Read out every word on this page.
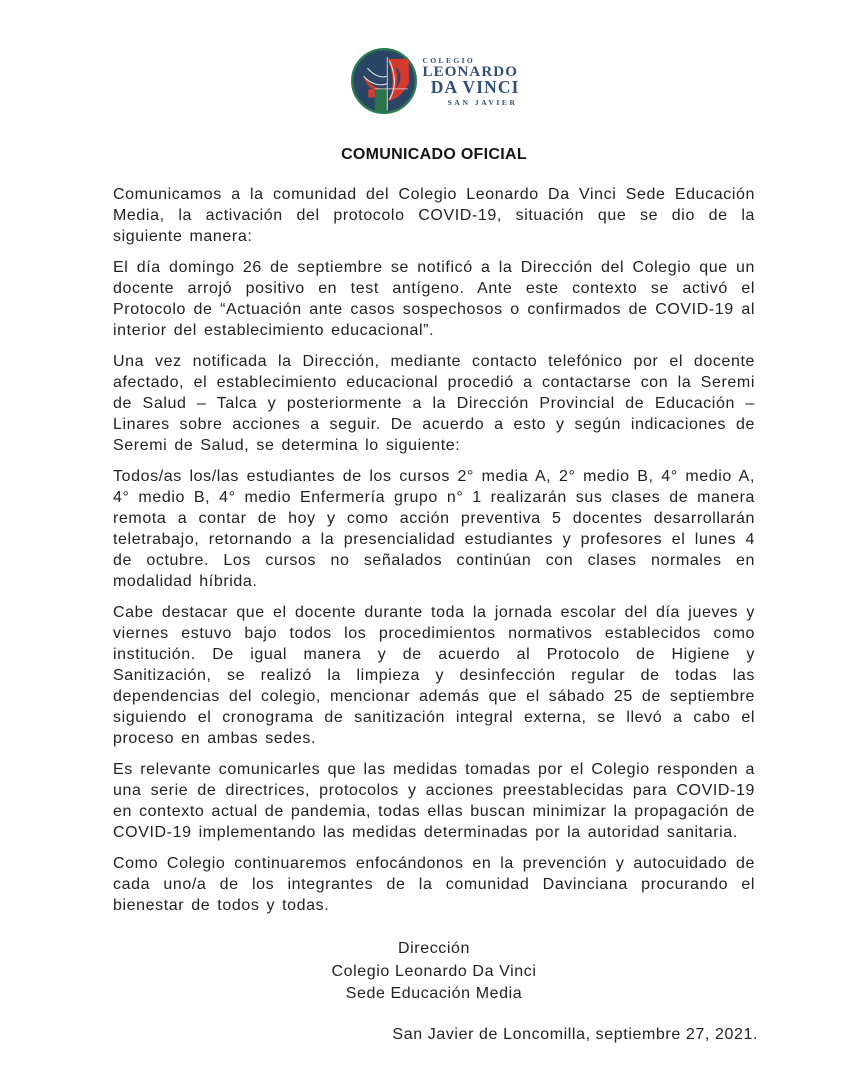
COLEGIO
LEONARDO
DA VINCI
SAN JAVIER
COMUNICADO OFICIAL

Comunicamos a la comunidad del Colegio Leonardo Da Vinci Sede Educación Media, la activación del protocolo COVID-19, situación que se dio de la siguiente manera:

El día domingo 26 de septiembre se notificó a la Dirección del Colegio que un docente arrojó positivo en test antígeno. Ante este contexto se activó el Protocolo de “Actuación ante casos sospechosos o confirmados de COVID-19 al interior del establecimiento educacional”.

Una vez notificada la Dirección, mediante contacto telefónico por el docente afectado, el establecimiento educacional procedió a contactarse con la Seremi de Salud – Talca y posteriormente a la Dirección Provincial de Educación – Linares sobre acciones a seguir. De acuerdo a esto y según indicaciones de Seremi de Salud, se determina lo siguiente:

Todos/as los/las estudiantes de los cursos 2° media A, 2° medio B, 4° medio A, 4° medio B, 4° medio Enfermería grupo n° 1 realizarán sus clases de manera remota a contar de hoy y como acción preventiva 5 docentes desarrollarán teletrabajo, retornando a la presencialidad estudiantes y profesores el lunes 4 de octubre. Los cursos no señalados continúan con clases normales en modalidad híbrida.

Cabe destacar que el docente durante toda la jornada escolar del día jueves y viernes estuvo bajo todos los procedimientos normativos establecidos como institución. De igual manera y de acuerdo al Protocolo de Higiene y Sanitización, se realizó la limpieza y desinfección regular de todas las dependencias del colegio, mencionar además que el sábado 25 de septiembre siguiendo el cronograma de sanitización integral externa, se llevó a cabo el proceso en ambas sedes.

Es relevante comunicarles que las medidas tomadas por el Colegio responden a una serie de directrices, protocolos y acciones preestablecidas para COVID-19 en contexto actual de pandemia, todas ellas buscan minimizar la propagación de COVID-19 implementando las medidas determinadas por la autoridad sanitaria.

Como Colegio continuaremos enfocándonos en la prevención y autocuidado de cada uno/a de los integrantes de la comunidad Davinciana procurando el bienestar de todos y todas.

Dirección
Colegio Leonardo Da Vinci
Sede Educación Media
San Javier de Loncomilla, septiembre 27, 2021.
